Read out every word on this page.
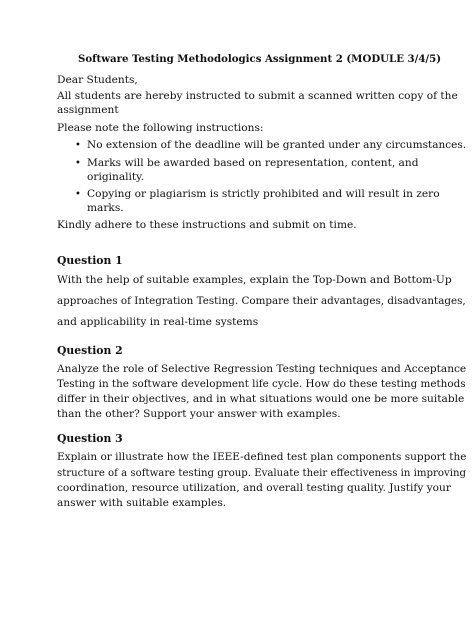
Software Testing Methodologics Assignment 2 (MODULE 3/4/5)

Dear Students,

All students are hereby instructed to submit a scanned written copy of the

assignment

Please note the following instructions:

• No extension of the deadline will be granted under any circumstances.

• Marks will be awarded based on representation, content, and

originality.

• Copying or plagiarism is strictly prohibited and will result in zero

marks.

Kindly adhere to these instructions and submit on time.

Question 1

With the help of suitable examples, explain the Top-Down and Bottom-Up

approaches of Integration Testing. Compare their advantages, disadvantages,

and applicability in real-time systems

Question 2

Analyze the role of Selective Regression Testing techniques and Acceptance

Testing in the software development life cycle. How do these testing methods

differ in their objectives, and in what situations would one be more suitable

than the other? Support your answer with examples.

Question 3

Explain or illustrate how the IEEE-defined test plan components support the

structure of a software testing group. Evaluate their effectiveness in improving

coordination, resource utilization, and overall testing quality. Justify your

answer with suitable examples.
